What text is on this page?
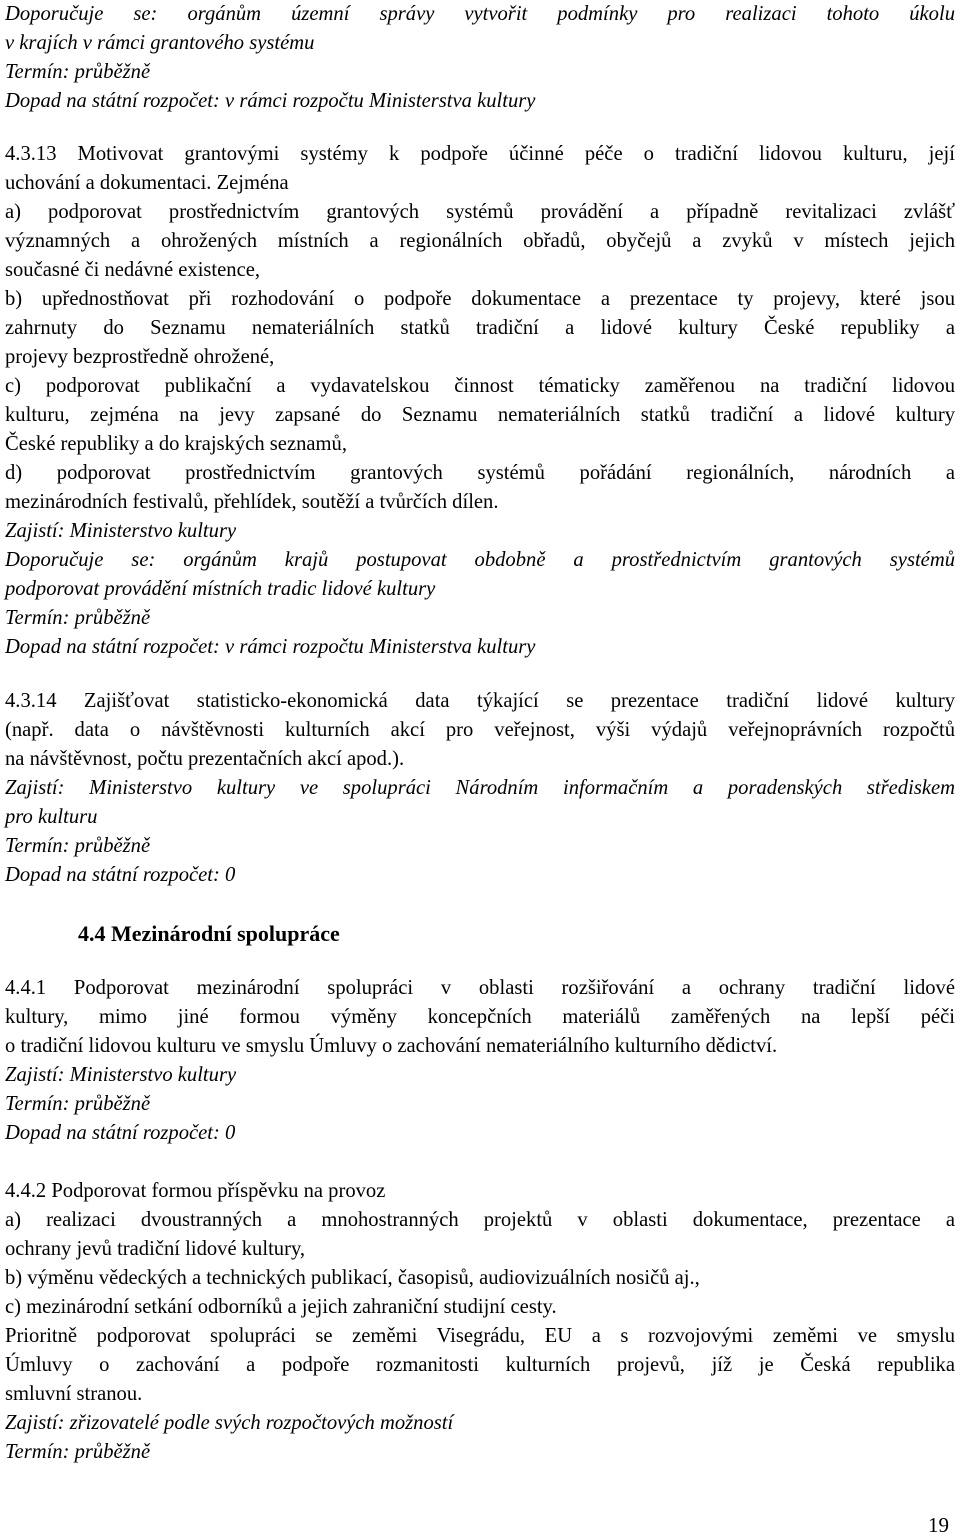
Doporučuje se: orgánům územní správy vytvořit podmínky pro realizaci tohoto úkolu
v krajích v rámci grantového systému
Termín: průběžně
Dopad na státní rozpočet: v rámci rozpočtu Ministerstva kultury
4.3.13 Motivovat grantovými systémy k podpoře účinné péče o tradiční lidovou kulturu, její
uchování a dokumentaci. Zejména
a) podporovat prostřednictvím grantových systémů provádění a případně revitalizaci zvlášť
významných a ohrožených místních a regionálních obřadů, obyčejů a zvyků v místech jejich
současné či nedávné existence,
b) upřednostňovat při rozhodování o podpoře dokumentace a prezentace ty projevy, které jsou
zahrnuty do Seznamu nemateriálních statků tradiční a lidové kultury České republiky a
projevy bezprostředně ohrožené,
c) podporovat publikační a vydavatelskou činnost tématicky zaměřenou na tradiční lidovou
kulturu, zejména na jevy zapsané do Seznamu nemateriálních statků tradiční a lidové kultury
České republiky a do krajských seznamů,
d) podporovat prostřednictvím grantových systémů pořádání regionálních, národních a
mezinárodních festivalů, přehlídek, soutěží a tvůrčích dílen.
Zajistí: Ministerstvo kultury
Doporučuje se: orgánům krajů postupovat obdobně a prostřednictvím grantových systémů
podporovat provádění místních tradic lidové kultury
Termín: průběžně
Dopad na státní rozpočet: v rámci rozpočtu Ministerstva kultury
4.3.14 Zajišťovat statisticko-ekonomická data týkající se prezentace tradiční lidové kultury
(např. data o návštěvnosti kulturních akcí pro veřejnost, výši výdajů veřejnoprávních rozpočtů
na návštěvnost, počtu prezentačních akcí apod.).
Zajistí: Ministerstvo kultury ve spolupráci Národním informačním a poradenských střediskem
pro kulturu
Termín: průběžně
Dopad na státní rozpočet: 0
4.4 Mezinárodní spolupráce
4.4.1 Podporovat mezinárodní spolupráci v oblasti rozšiřování a ochrany tradiční lidové
kultury, mimo jiné formou výměny koncepčních materiálů zaměřených na lepší péči
o tradiční lidovou kulturu ve smyslu Úmluvy o zachování nemateriálního kulturního dědictví.
Zajistí: Ministerstvo kultury
Termín: průběžně
Dopad na státní rozpočet: 0
4.4.2 Podporovat formou příspěvku na provoz
a) realizaci dvoustranných a mnohostranných projektů v oblasti dokumentace, prezentace a
ochrany jevů tradiční lidové kultury,
b) výměnu vědeckých a technických publikací, časopisů, audiovizuálních nosičů aj.,
c) mezinárodní setkání odborníků a jejich zahraniční studijní cesty.
Prioritně podporovat spolupráci se zeměmi Visegrádu, EU a s rozvojovými zeměmi ve smyslu
Úmluvy o zachování a podpoře rozmanitosti kulturních projevů, jíž je Česká republika
smluvní stranou.
Zajistí: zřizovatelé podle svých rozpočtových možností
Termín: průběžně
19
